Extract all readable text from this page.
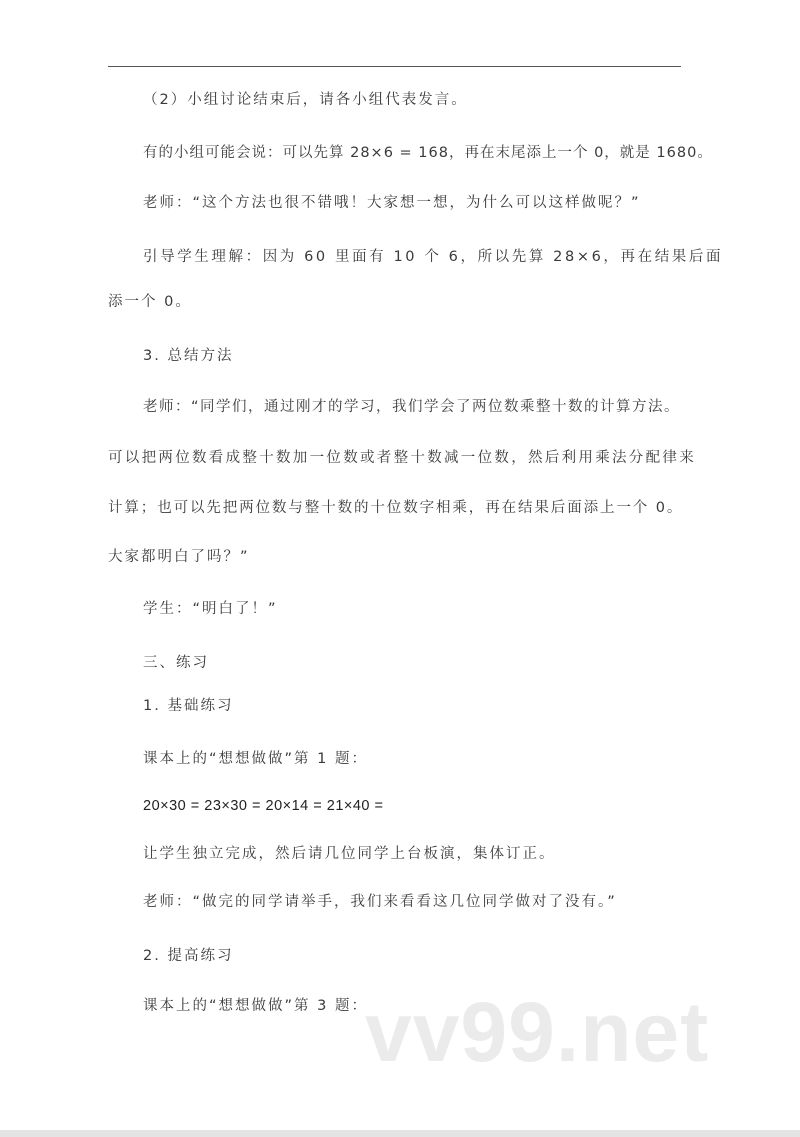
（2）小组讨论结束后，请各小组代表发言。
有的小组可能会说：可以先算 28×6 = 168，再在末尾添上一个 0，就是 1680。
老师：“这个方法也很不错哦！大家想一想，为什么可以这样做呢？”
引导学生理解：因为 60 里面有 10 个 6，所以先算 28×6，再在结果后面
添一个 0。
3. 总结方法
老师：“同学们，通过刚才的学习，我们学会了两位数乘整十数的计算方法。
可以把两位数看成整十数加一位数或者整十数减一位数，然后利用乘法分配律来
计算；也可以先把两位数与整十数的十位数字相乘，再在结果后面添上一个 0。
大家都明白了吗？”
学生：“明白了！”
三、练习
1. 基础练习
课本上的“想想做做”第 1 题：
20×30 = 23×30 = 20×14 = 21×40 =
让学生独立完成，然后请几位同学上台板演，集体订正。
老师：“做完的同学请举手，我们来看看这几位同学做对了没有。”
2. 提高练习
课本上的“想想做做”第 3 题：
vv99.net
